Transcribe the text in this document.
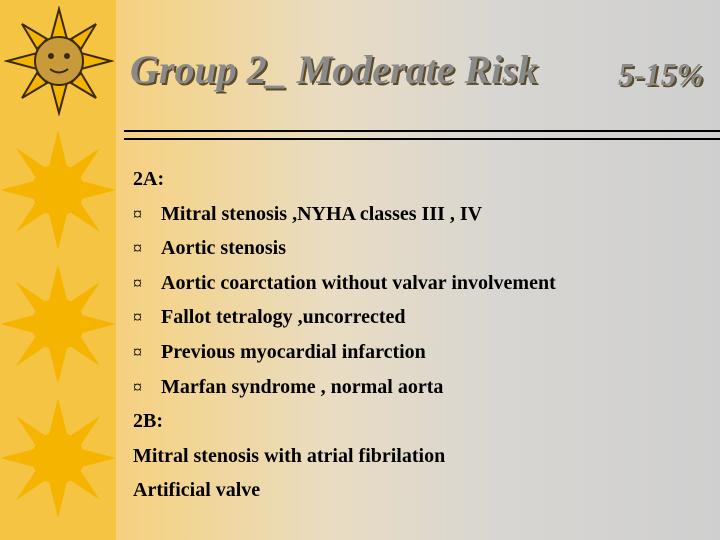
Group 2_ Moderate Risk	5-15%
2A:
¤ Mitral stenosis ,NYHA classes III , IV
¤ Aortic stenosis
¤ Aortic coarctation without valvar involvement
¤ Fallot tetralogy ,uncorrected
¤ Previous myocardial infarction
¤ Marfan syndrome , normal aorta
2B:
Mitral stenosis with atrial fibrilation
Artificial valve
